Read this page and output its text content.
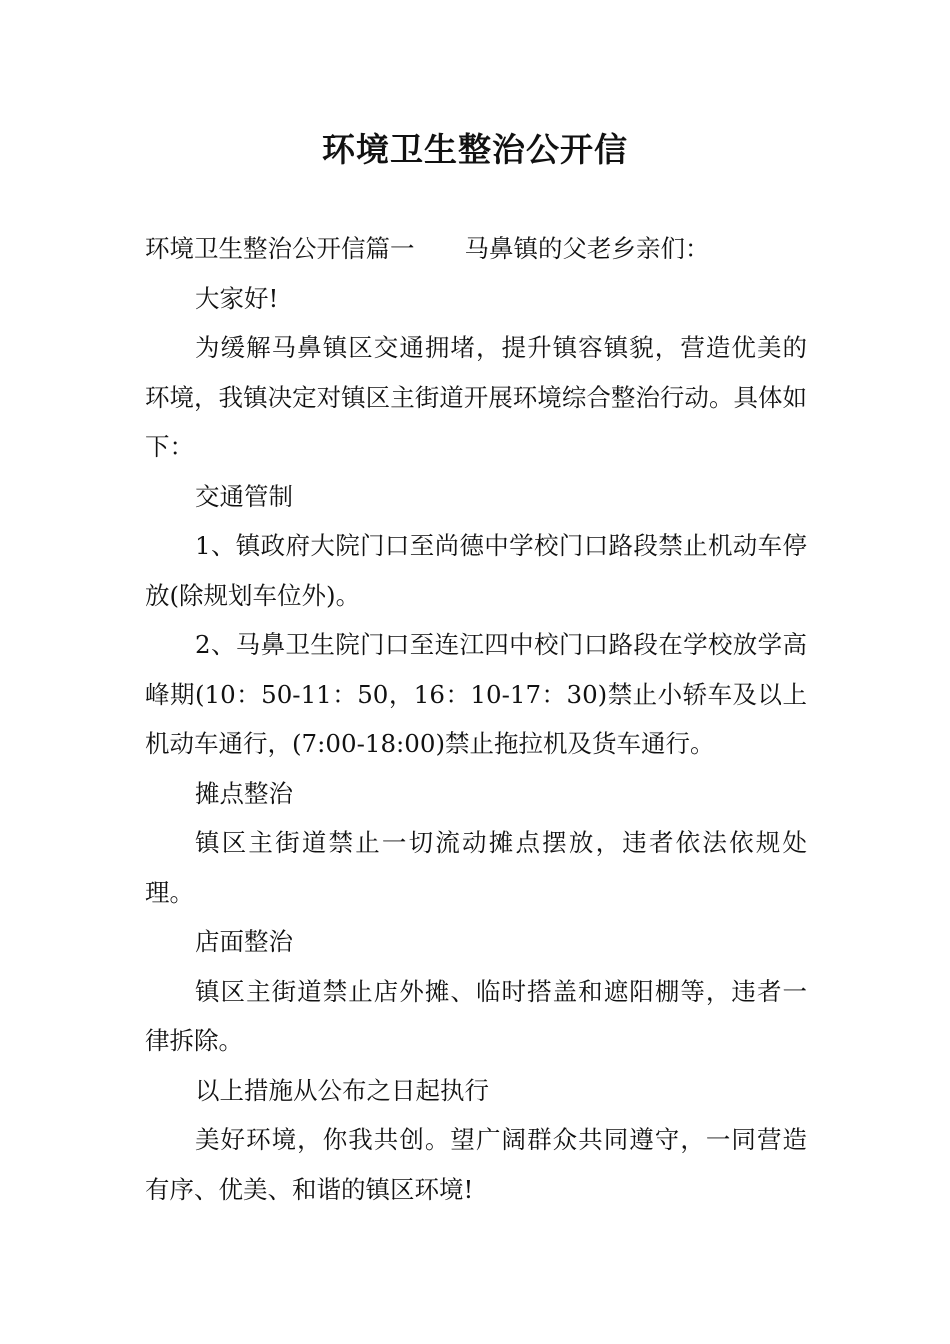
环境卫生整治公开信

环境卫生整治公开信篇一 马鼻镇的父老乡亲们：

大家好!

为缓解马鼻镇区交通拥堵，提升镇容镇貌，营造优美的环境，我镇决定对镇区主街道开展环境综合整治行动。具体如下：

交通管制

1、镇政府大院门口至尚德中学校门口路段禁止机动车停放(除规划车位外)。

2、马鼻卫生院门口至连江四中校门口路段在学校放学高峰期(10：50-11：50，16：10-17：30)禁止小轿车及以上机动车通行，(7:00-18:00)禁止拖拉机及货车通行。

摊点整治

镇区主街道禁止一切流动摊点摆放，违者依法依规处理。

店面整治

镇区主街道禁止店外摊、临时搭盖和遮阳棚等，违者一律拆除。

以上措施从公布之日起执行

美好环境，你我共创。望广阔群众共同遵守，一同营造有序、优美、和谐的镇区环境!
